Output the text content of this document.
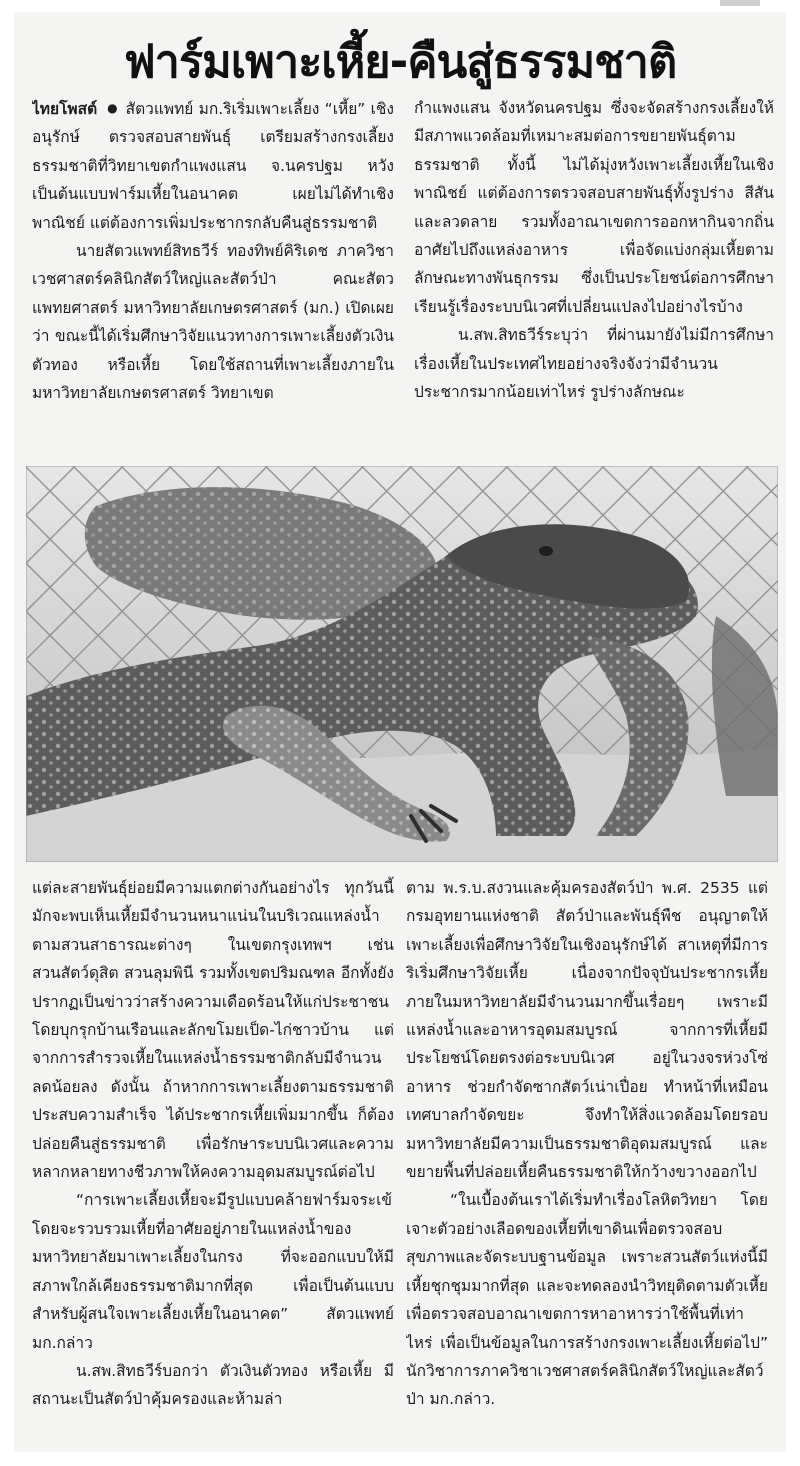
ฟาร์มเพาะเหี้ย-คืนสู่ธรรมชาติ

ไทยโพสต์ ● สัตวแพทย์ มก.ริเริ่มเพาะเลี้ยง “เหี้ย” เชิงอนุรักษ์ ตรวจสอบสายพันธุ์ เตรียมสร้างกรงเลี้ยงธรรมชาติที่วิทยาเขตกำแพงแสน จ.นครปฐม หวังเป็นต้นแบบฟาร์มเหี้ยในอนาคต เผยไม่ได้ทำเชิงพาณิชย์ แต่ต้องการเพิ่มประชากรกลับคืนสู่ธรรมชาติ

นายสัตวแพทย์สิทธวีร์ ทองทิพย์คิริเดช ภาควิชาเวชศาสตร์คลินิกสัตว์ใหญ่และสัตว์ป่า คณะสัตวแพทยศาสตร์ มหาวิทยาลัยเกษตรศาสตร์ (มก.) เปิดเผยว่า ขณะนี้ได้เริ่มศึกษาวิจัยแนวทางการเพาะเลี้ยงตัวเงินตัวทอง หรือเหี้ย โดยใช้สถานที่เพาะเลี้ยงภายในมหาวิทยาลัยเกษตรศาสตร์ วิทยาเขต

กำแพงแสน จังหวัดนครปฐม ซึ่งจะจัดสร้างกรงเลี้ยงให้มีสภาพแวดล้อมที่เหมาะสมต่อการขยายพันธุ์ตามธรรมชาติ ทั้งนี้ ไม่ได้มุ่งหวังเพาะเลี้ยงเหี้ยในเชิงพาณิชย์ แต่ต้องการตรวจสอบสายพันธุ์ทั้งรูปร่าง สีสัน และลวดลาย รวมทั้งอาณาเขตการออกหากินจากถิ่นอาศัยไปถึงแหล่งอาหาร เพื่อจัดแบ่งกลุ่มเหี้ยตามลักษณะทางพันธุกรรม ซึ่งเป็นประโยชน์ต่อการศึกษาเรียนรู้เรื่องระบบนิเวศที่เปลี่ยนแปลงไปอย่างไรบ้าง

น.สพ.สิทธวีร์ระบุว่า ที่ผ่านมายังไม่มีการศึกษาเรื่องเหี้ยในประเทศไทยอย่างจริงจังว่ามีจำนวนประชากรมากน้อยเท่าไหร่ รูปร่างลักษณะ

แต่ละสายพันธุ์ย่อยมีความแตกต่างกันอย่างไร ทุกวันนี้มักจะพบเห็นเหี้ยมีจำนวนหนาแน่นในบริเวณแหล่งน้ำตามสวนสาธารณะต่างๆ ในเขตกรุงเทพฯ เช่น สวนสัตว์ดุสิต สวนลุมพินี รวมทั้งเขตปริมณฑล อีกทั้งยังปรากฏเป็นข่าวว่าสร้างความเดือดร้อนให้แก่ประชาชน โดยบุกรุกบ้านเรือนและลักขโมยเป็ด-ไก่ชาวบ้าน แต่จากการสำรวจเหี้ยในแหล่งน้ำธรรมชาติกลับมีจำนวนลดน้อยลง ดังนั้น ถ้าหากการเพาะเลี้ยงตามธรรมชาติประสบความสำเร็จ ได้ประชากรเหี้ยเพิ่มมากขึ้น ก็ต้องปล่อยคืนสู่ธรรมชาติ เพื่อรักษาระบบนิเวศและความหลากหลายทางชีวภาพให้คงความอุดมสมบูรณ์ต่อไป

“การเพาะเลี้ยงเหี้ยจะมีรูปแบบคล้ายฟาร์มจระเข้ โดยจะรวบรวมเหี้ยที่อาศัยอยู่ภายในแหล่งน้ำของมหาวิทยาลัยมาเพาะเลี้ยงในกรง ที่จะออกแบบให้มีสภาพใกล้เคียงธรรมชาติมากที่สุด เพื่อเป็นต้นแบบสำหรับผู้สนใจเพาะเลี้ยงเหี้ยในอนาคต” สัตวแพทย์ มก.กล่าว

น.สพ.สิทธวีร์บอกว่า ตัวเงินตัวทอง หรือเหี้ย มีสถานะเป็นสัตว์ป่าคุ้มครองและห้ามล่า

ตาม พ.ร.บ.สงวนและคุ้มครองสัตว์ป่า พ.ศ. 2535 แต่กรมอุทยานแห่งชาติ สัตว์ป่าและพันธุ์พืช อนุญาตให้เพาะเลี้ยงเพื่อศึกษาวิจัยในเชิงอนุรักษ์ได้ สาเหตุที่มีการริเริ่มศึกษาวิจัยเหี้ย เนื่องจากปัจจุบันประชากรเหี้ยภายในมหาวิทยาลัยมีจำนวนมากขึ้นเรื่อยๆ เพราะมีแหล่งน้ำและอาหารอุดมสมบูรณ์ จากการที่เหี้ยมีประโยชน์โดยตรงต่อระบบนิเวศ อยู่ในวงจรห่วงโซ่อาหาร ช่วยกำจัดซากสัตว์เน่าเปื่อย ทำหน้าที่เหมือนเทศบาลกำจัดขยะ จึงทำให้สิ่งแวดล้อมโดยรอบมหาวิทยาลัยมีความเป็นธรรมชาติอุดมสมบูรณ์ และขยายพื้นที่ปล่อยเหี้ยคืนธรรมชาติให้กว้างขวางออกไป

“ในเบื้องต้นเราได้เริ่มทำเรื่องโลหิตวิทยา โดยเจาะตัวอย่างเลือดของเหี้ยที่เขาดินเพื่อตรวจสอบสุขภาพและจัดระบบฐานข้อมูล เพราะสวนสัตว์แห่งนี้มีเหี้ยชุกชุมมากที่สุด และจะทดลองนำวิทยุติดตามตัวเหี้ยเพื่อตรวจสอบอาณาเขตการหาอาหารว่าใช้พื้นที่เท่าไหร่ เพื่อเป็นข้อมูลในการสร้างกรงเพาะเลี้ยงเหี้ยต่อไป” นักวิชาการภาควิชาเวชศาสตร์คลินิกสัตว์ใหญ่และสัตว์ป่า มก.กล่าว.
